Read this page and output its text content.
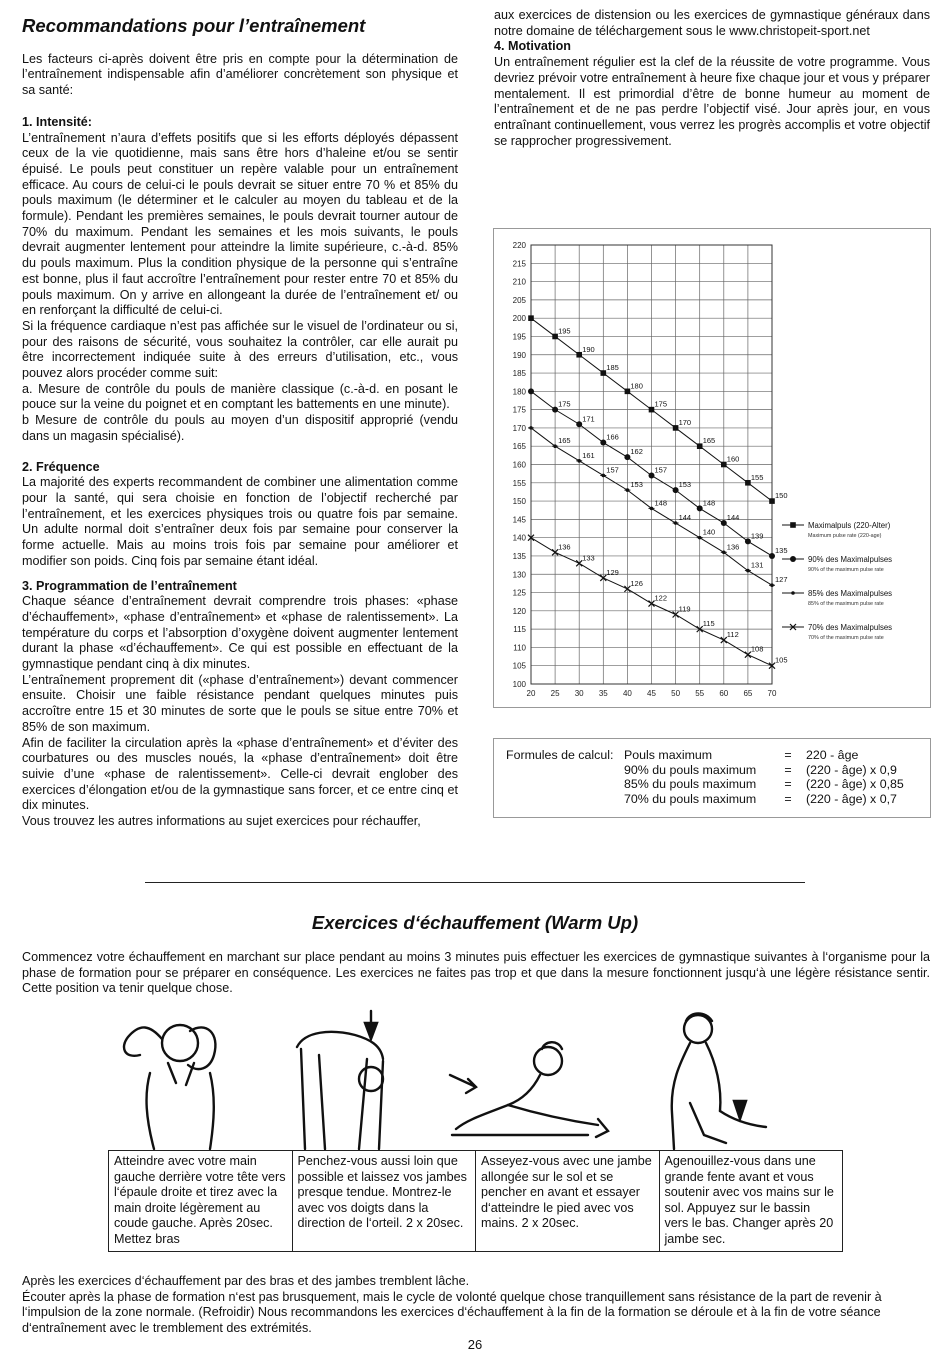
Recommandations pour l’entraînement

Les facteurs ci-après doivent être pris en compte pour la détermination de l’entraînement indispensable afin d’améliorer concrètement son physique et sa santé:

1. Intensité:

L’entraînement n’aura d’effets positifs que si les efforts déployés dépassent ceux de la vie quotidienne, mais sans être hors d’haleine et/ou se sentir épuisé. Le pouls peut constituer un repère valable pour un entraînement efficace. Au cours de celui-ci le pouls devrait se situer entre 70 % et 85% du pouls maximum (le déterminer et le calculer au moyen du tableau et de la formule). Pendant les premières semaines, le pouls devrait tourner autour de 70% du maximum. Pendant les semaines et les mois suivants, le pouls devrait augmenter lentement pour atteindre la limite supérieure, c.-à-d. 85% du pouls maximum. Plus la condition physique de la personne qui s’entraîne est bonne, plus il faut accroître l’entraînement pour rester entre 70 et 85% du pouls maximum. On y arrive en allongeant la durée de l’entraînement et/ ou en renforçant la difficulté de celui-ci.

Si la fréquence cardiaque n’est pas affichée sur le visuel de l’ordinateur ou si, pour des raisons de sécurité, vous souhaitez la contrôler, car elle aurait pu être incorrectement indiquée suite à des erreurs d’utilisation, etc., vous pouvez alors procéder comme suit:

a. Mesure de contrôle du pouls de manière classique (c.-à-d. en posant le pouce sur la veine du poignet et en comptant les battements en une minute).

b Mesure de contrôle du pouls au moyen d’un dispositif approprié (vendu dans un magasin spécialisé).

2. Fréquence

La majorité des experts recommandent de combiner une alimentation comme pour la santé, qui sera choisie en fonction de l’objectif recherché par l’entraînement, et les exercices physiques trois ou quatre fois par semaine. Un adulte normal doit s’entraîner deux fois par semaine pour conserver la forme actuelle. Mais au moins trois fois par semaine pour améliorer et modifier son poids. Cinq fois par semaine étant idéal.

3. Programmation de l’entraînement

Chaque séance d’entraînement devrait comprendre trois phases: «phase d’échauffement», «phase d’entraînement» et «phase de ralentissement». La température du corps et l’absorption d’oxygène doivent augmenter lentement durant la phase «d’échauffement». Ce qui est possible en effectuant de la gymnastique pendant cinq à dix minutes.

L’entraînement proprement dit («phase d’entraînement») devant commencer ensuite. Choisir une faible résistance pendant quelques minutes puis accroître entre 15 et 30 minutes de sorte que le pouls se situe entre 70% et 85% de son maximum.

Afin de faciliter la circulation après la «phase d’entraînement» et d’éviter des courbatures ou des muscles noués, la «phase d’entraînement» doit être suivie d’une «phase de ralentissement». Celle-ci devrait englober des exercices d’élongation et/ou de la gymnastique sans forcer, et ce entre cinq et dix minutes.

Vous trouvez les autres informations au sujet exercices pour réchauffer,

aux exercices de distension ou les exercices de gymnastique généraux dans notre domaine de téléchargement sous le www.christopeit-sport.net

4. Motivation

Un entraînement régulier est la clef de la réussite de votre programme. Vous devriez prévoir votre entraînement à heure fixe chaque jour et vous y préparer mentalement. Il est primordial d’être de bonne humeur au moment de l’entraînement et de ne pas perdre l’objectif visé. Jour après jour, en vous entraînant continuellement, vous verrez les progrès accomplis et votre objectif se rapprocher progressivement.

100
105
110
115
120
125
130
135
140
145
150
155
160
165
170
175
180
185
190
195
200
205
210
215
220
20 25 30 35 40 45 50 55 60 65 70
195
190
185
180
175
170
165
160
155
150
175
171
166
162
157
153
148
144
139
135
165
161
157
153
148
144
140
136
131
127
136
133
129
126
122
119
115
112
108
105
Maximalpuls (220-Alter)
Maximum pulse rate (220-age)
90% des Maximalpulses
90% of the maximum pulse rate
85% des Maximalpulses
85% of the maximum pulse rate
70% des Maximalpulses
70% of the maximum pulse rate
Formules de calcul:	Pouls maximum	=	220 - âge
	90% du pouls maximum	=	(220 - âge) x 0,9
	85% du pouls maximum	=	(220 - âge) x 0,85
	70% du pouls maximum	=	(220 - âge) x 0,7
Exercices d‘échauffement (Warm Up)
Commencez votre échauffement en marchant sur place pendant au moins 3 minutes puis effectuer les exercices de gymnastique suivantes à l‘organisme pour la phase de formation pour se préparer en conséquence. Les exercices ne faites pas trop et que dans la mesure fonctionnent jusqu‘à une légère résistance sentir. Cette position va tenir quelque chose.
Atteindre avec votre main gauche derrière votre tête vers l‘épaule droite et tirez avec la main droite légèrement au coude gauche. Après 20sec. Mettez bras	Penchez-vous aussi loin que possible et laissez vos jambes presque tendue. Montrez-le avec vos doigts dans la direction de l‘orteil. 2 x 20sec.	Asseyez-vous avec une jambe allongée sur le sol et se pencher en avant et essayer d‘atteindre le pied avec vos mains. 2 x 20sec.	Agenouillez-vous dans une grande fente avant et vous soutenir avec vos mains sur le sol. Appuyez sur le bassin vers le bas. Changer après 20 jambe sec.

Après les exercices d‘échauffement par des bras et des jambes tremblent lâche.

Écouter après la phase de formation n‘est pas brusquement, mais le cycle de volonté quelque chose tranquillement sans résistance de la part de revenir à l‘impulsion de la zone normale. (Refroidir) Nous recommandons les exercices d‘échauffement à la fin de la formation se déroule et à la fin de votre séance d‘entraînement avec le tremblement des extrémités.

26
